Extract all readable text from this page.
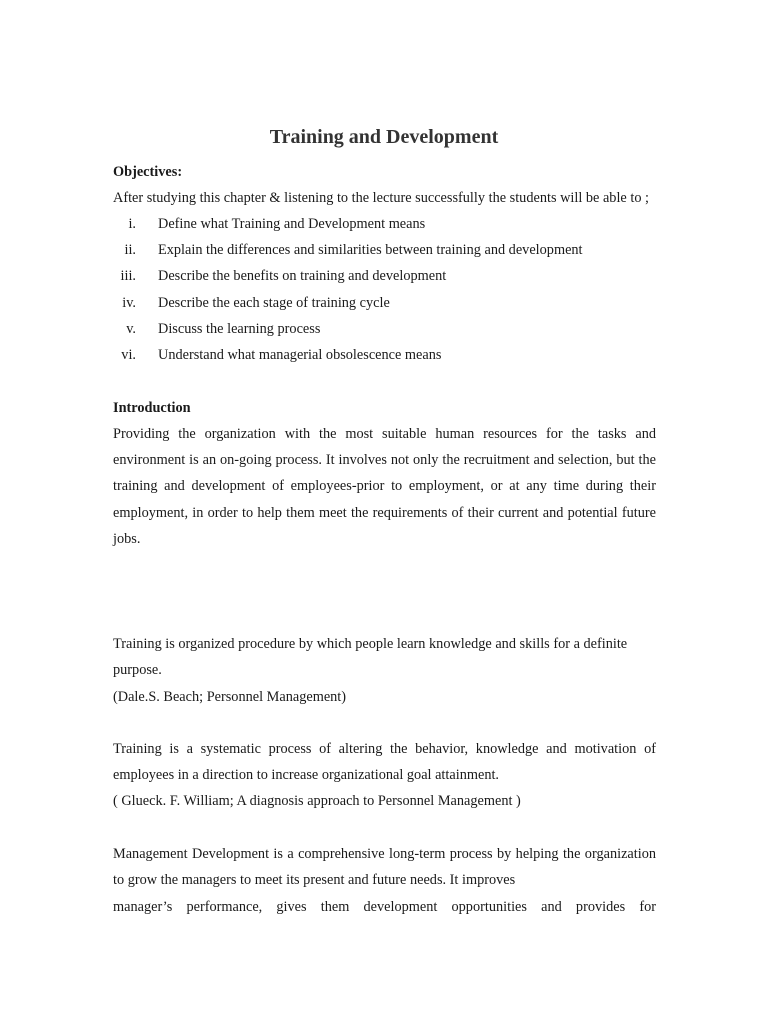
Training and Development

Objectives:

After studying this chapter & listening to the lecture successfully the students will be able to ;

i. Define what Training and Development means
ii. Explain the differences and similarities between training and development
iii. Describe the benefits on training and development
iv. Describe the each stage of training cycle
v. Discuss the learning process
vi. Understand what managerial obsolescence means

Introduction

Providing the organization with the most suitable human resources for the tasks and environment is an on-going process. It involves not only the recruitment and selection, but the training and development of employees-prior to employment, or at any time during their employment, in order to help them meet the requirements of their current and potential future jobs.

Training is organized procedure by which people learn knowledge and skills for a definite purpose.

(Dale.S. Beach; Personnel Management)

Training is a systematic process of altering the behavior, knowledge and motivation of employees in a direction to increase organizational goal attainment.

( Glueck. F. William; A diagnosis approach to Personnel Management )

Management Development is a comprehensive long-term process by helping the organization to grow the managers to meet its present and future needs. It improves

manager’s performance, gives them development opportunities and provides for
